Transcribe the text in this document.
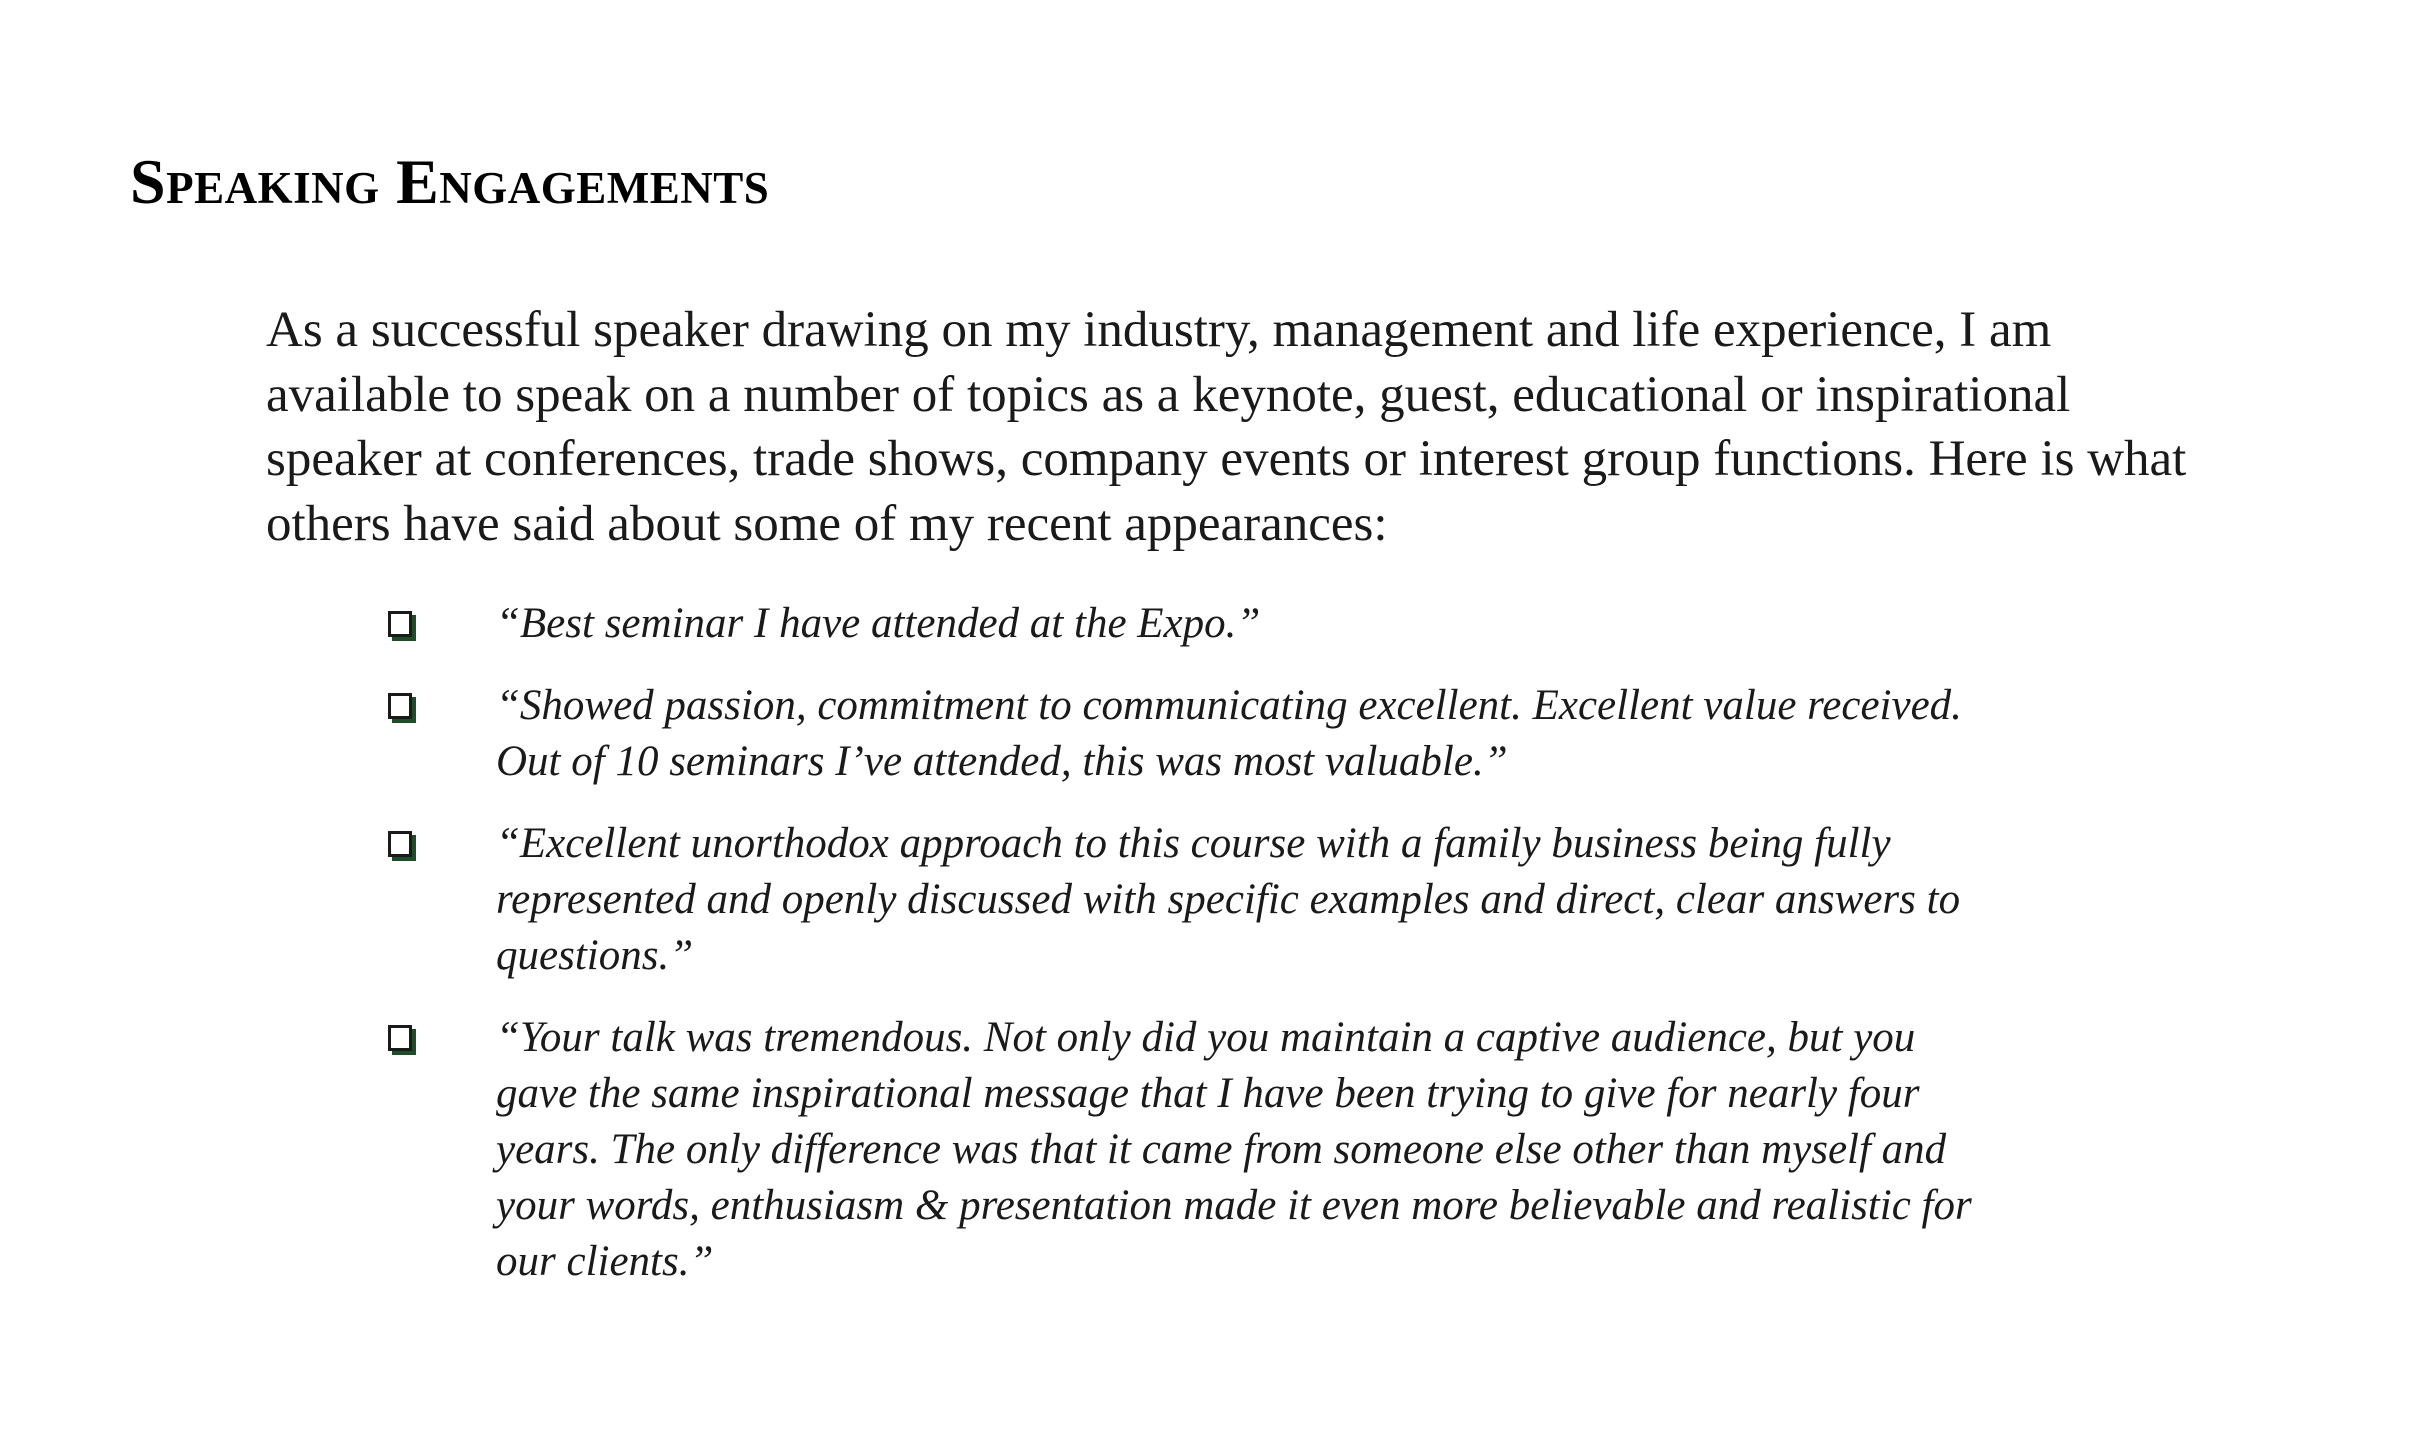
Speaking Engagements

As a successful speaker drawing on my industry, management and life experience, I am available to speak on a number of topics as a keynote, guest, educational or inspirational speaker at conferences, trade shows, company events or interest group functions. Here is what others have said about some of my recent appearances:

“Best seminar I have attended at the Expo.”
“Showed passion, commitment to communicating excellent. Excellent value received. Out of 10 seminars I’ve attended, this was most valuable.”
“Excellent unorthodox approach to this course with a family business being fully represented and openly discussed with specific examples and direct, clear answers to questions.”
“Your talk was tremendous. Not only did you maintain a captive audience, but you gave the same inspirational message that I have been trying to give for nearly four years. The only difference was that it came from someone else other than myself and your words, enthusiasm & presentation made it even more believable and realistic for our clients.”
